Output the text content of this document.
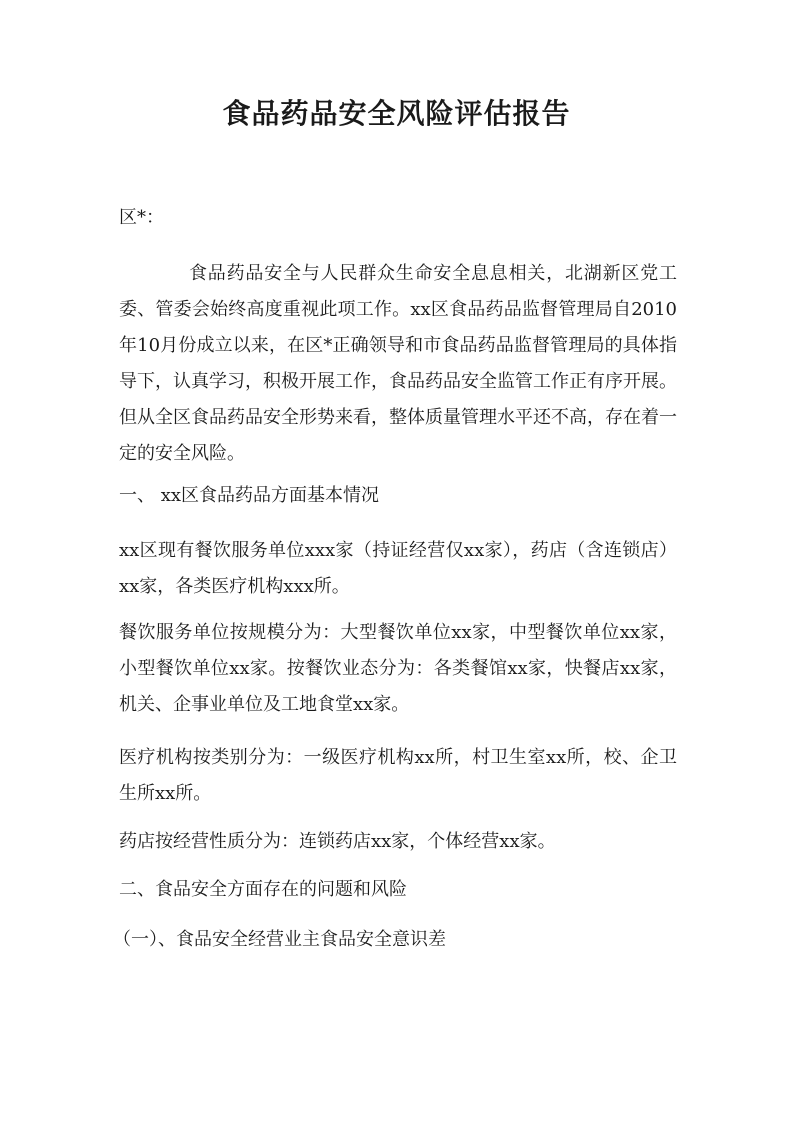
食品药品安全风险评估报告

区*：

食品药品安全与人民群众生命安全息息相关，北湖新区党工委、管委会始终高度重视此项工作。xx区食品药品监督管理局自2010年10月份成立以来，在区*正确领导和市食品药品监督管理局的具体指导下，认真学习，积极开展工作，食品药品安全监管工作正有序开展。但从全区食品药品安全形势来看，整体质量管理水平还不高，存在着一定的安全风险。

一、 xx区食品药品方面基本情况

xx区现有餐饮服务单位xxx家（持证经营仅xx家），药店（含连锁店）xx家，各类医疗机构xxx所。

餐饮服务单位按规模分为：大型餐饮单位xx家，中型餐饮单位xx家，小型餐饮单位xx家。按餐饮业态分为：各类餐馆xx家，快餐店xx家，机关、企事业单位及工地食堂xx家。

医疗机构按类别分为：一级医疗机构xx所，村卫生室xx所，校、企卫生所xx所。

药店按经营性质分为：连锁药店xx家，个体经营xx家。

二、食品安全方面存在的问题和风险

（一）、食品安全经营业主食品安全意识差
